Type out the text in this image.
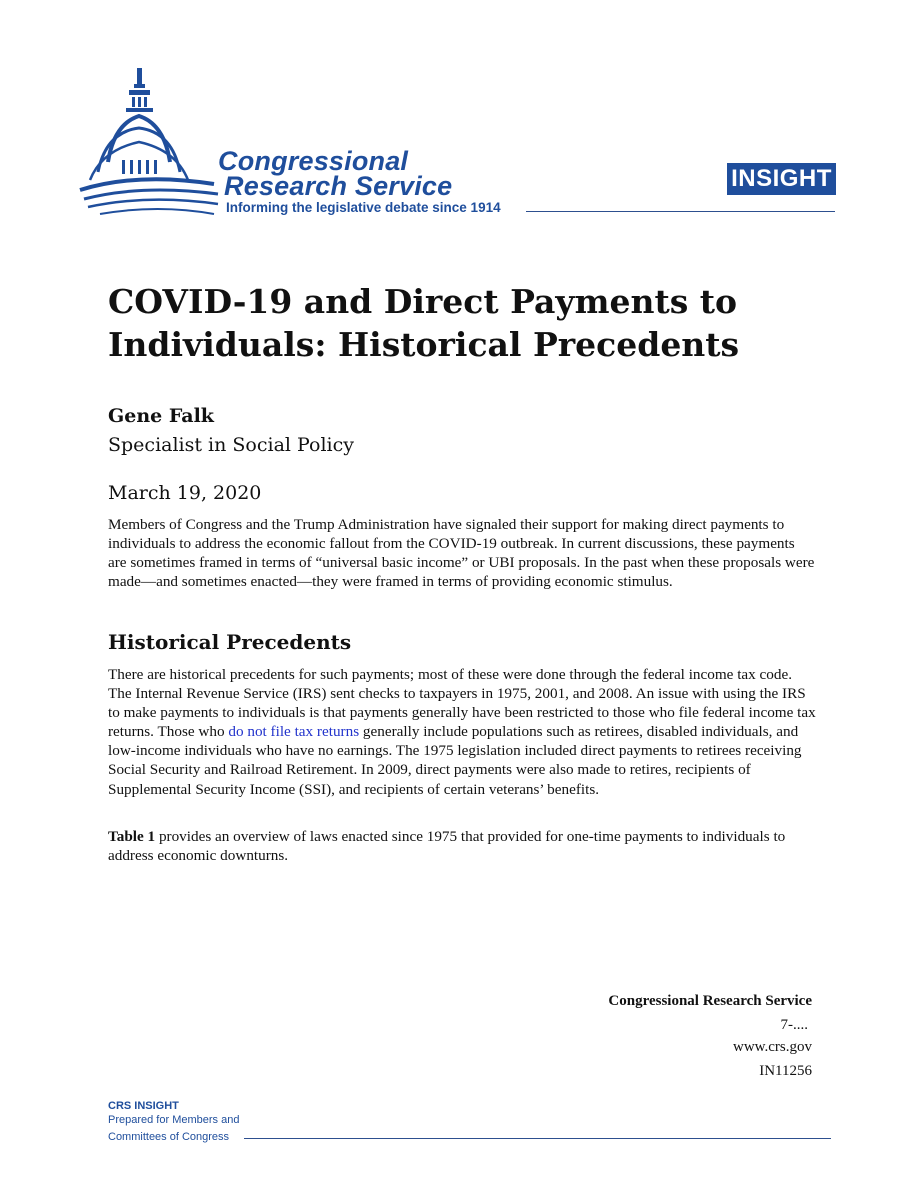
Congressional
Research Service
Informing the legislative debate since 1914
INSIGHT
COVID-19 and Direct Payments to Individuals: Historical Precedents
Gene Falk
Specialist in Social Policy
March 19, 2020
Members of Congress and the Trump Administration have signaled their support for making direct payments to individuals to address the economic fallout from the COVID-19 outbreak. In current discussions, these payments are sometimes framed in terms of “universal basic income” or UBI proposals. In the past when these proposals were made—and sometimes enacted—they were framed in terms of providing economic stimulus.
Historical Precedents
There are historical precedents for such payments; most of these were done through the federal income tax code. The Internal Revenue Service (IRS) sent checks to taxpayers in 1975, 2001, and 2008. An issue with using the IRS to make payments to individuals is that payments generally have been restricted to those who file federal income tax returns. Those who do not file tax returns generally include populations such as retirees, disabled individuals, and low-income individuals who have no earnings. The 1975 legislation included direct payments to retirees receiving Social Security and Railroad Retirement. In 2009, direct payments were also made to retires, recipients of Supplemental Security Income (SSI), and recipients of certain veterans’ benefits.
Table 1 provides an overview of laws enacted since 1975 that provided for one-time payments to individuals to address economic downturns.
Congressional Research Service
7-....
www.crs.gov
IN11256
CRS INSIGHT
Prepared for Members and
Committees of Congress
